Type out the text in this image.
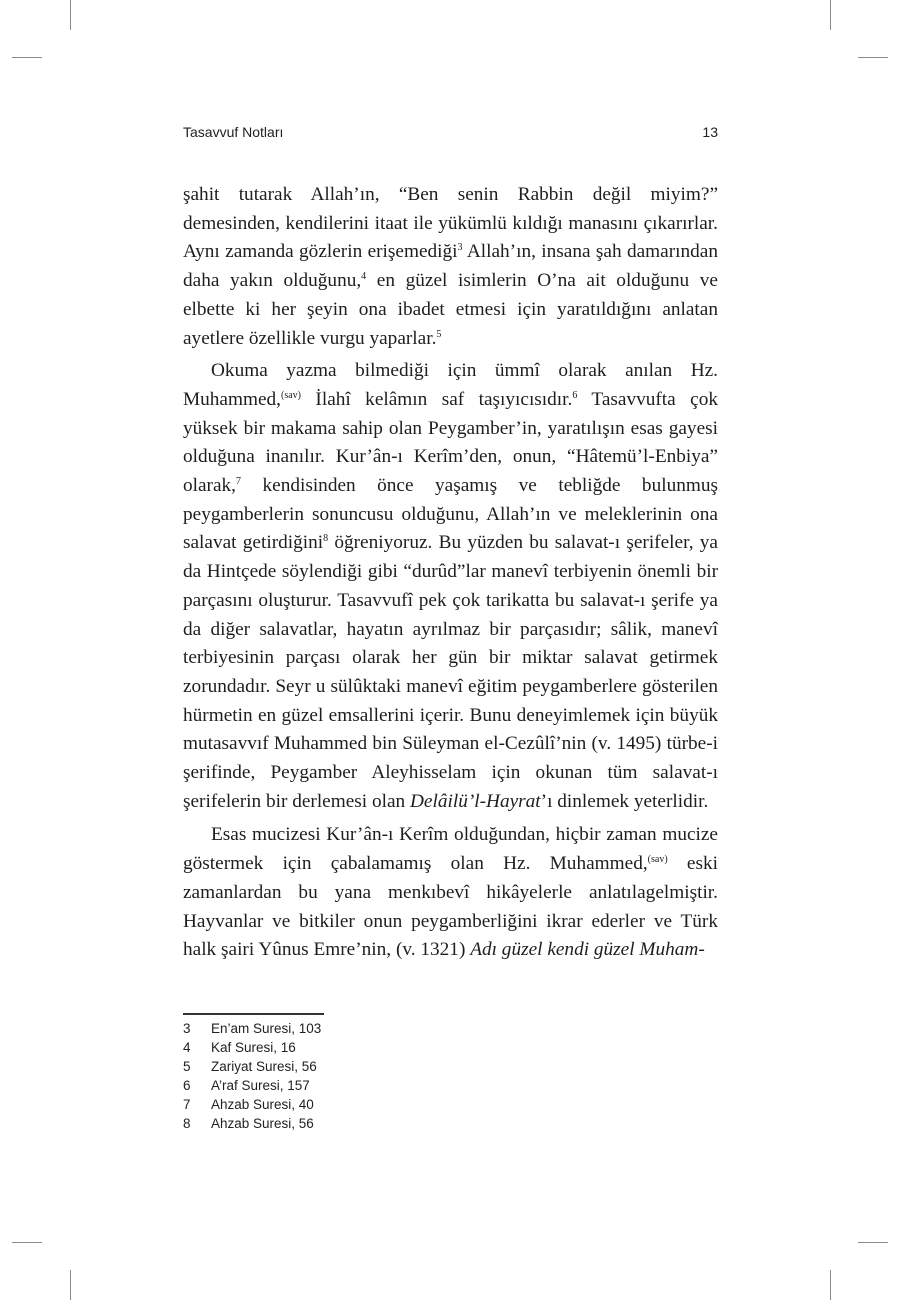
Tasavvuf Notları	13

şahit tutarak Allah’ın, “Ben senin Rabbin değil miyim?” demesinden, kendilerini itaat ile yükümlü kıldığı manasını çıkarırlar. Aynı zamanda gözlerin erişemediği$^3$ Allah’ın, insana şah damarından daha yakın olduğunu,$^4$ en güzel isimlerin O’na ait olduğunu ve elbette ki her şeyin ona ibadet etmesi için yaratıldığını anlatan ayetlere özellikle vurgu yaparlar.$^5$

Okuma yazma bilmediği için ümmî olarak anılan Hz. Muhammed,$^{(sav)}$ İlahî kelâmın saf taşıyıcısıdır.$^6$ Tasavvufta çok yüksek bir makama sahip olan Peygamber’in, yaratılışın esas gayesi olduğuna inanılır. Kur’ân-ı Kerîm’den, onun, “Hâtemü’l-Enbiya” olarak,$^7$ kendisinden önce yaşamış ve tebliğde bulunmuş peygamberlerin sonuncusu olduğunu, Allah’ın ve meleklerinin ona salavat getirdiğini$^8$ öğreniyoruz. Bu yüzden bu salavat-ı şerifeler, ya da Hintçede söylendiği gibi “durûd”lar manevî terbiyenin önemli bir parçasını oluşturur. Tasavvufî pek çok tarikatta bu salavat-ı şerife ya da diğer salavatlar, hayatın ayrılmaz bir parçasıdır; sâlik, manevî terbiyesinin parçası olarak her gün bir miktar salavat getirmek zorundadır. Seyr u sülûktaki manevî eğitim peygamberlere gösterilen hürmetin en güzel emsallerini içerir. Bunu deneyimlemek için büyük mutasavvıf Muhammed bin Süleyman el-Cezûlî’nin (v. 1495) türbe-i şerifinde, Peygamber Aleyhisselam için okunan tüm salavat-ı şerifelerin bir derlemesi olan Delâilü’l-Hayrat’ı dinlemek yeterlidir.

Esas mucizesi Kur’ân-ı Kerîm olduğundan, hiçbir zaman mucize göstermek için çabalamamış olan Hz. Muhammed,$^{(sav)}$ eski zamanlardan bu yana menkıbevî hikâyelerle anlatılagelmiştir. Hayvanlar ve bitkiler onun peygamberliğini ikrar ederler ve Türk halk şairi Yûnus Emre’nin, (v. 1321) Adı güzel kendi güzel Muham-

3	En’am Suresi, 103
4	Kaf Suresi, 16
5	Zariyat Suresi, 56
6	A’raf Suresi, 157
7	Ahzab Suresi, 40
8	Ahzab Suresi, 56
